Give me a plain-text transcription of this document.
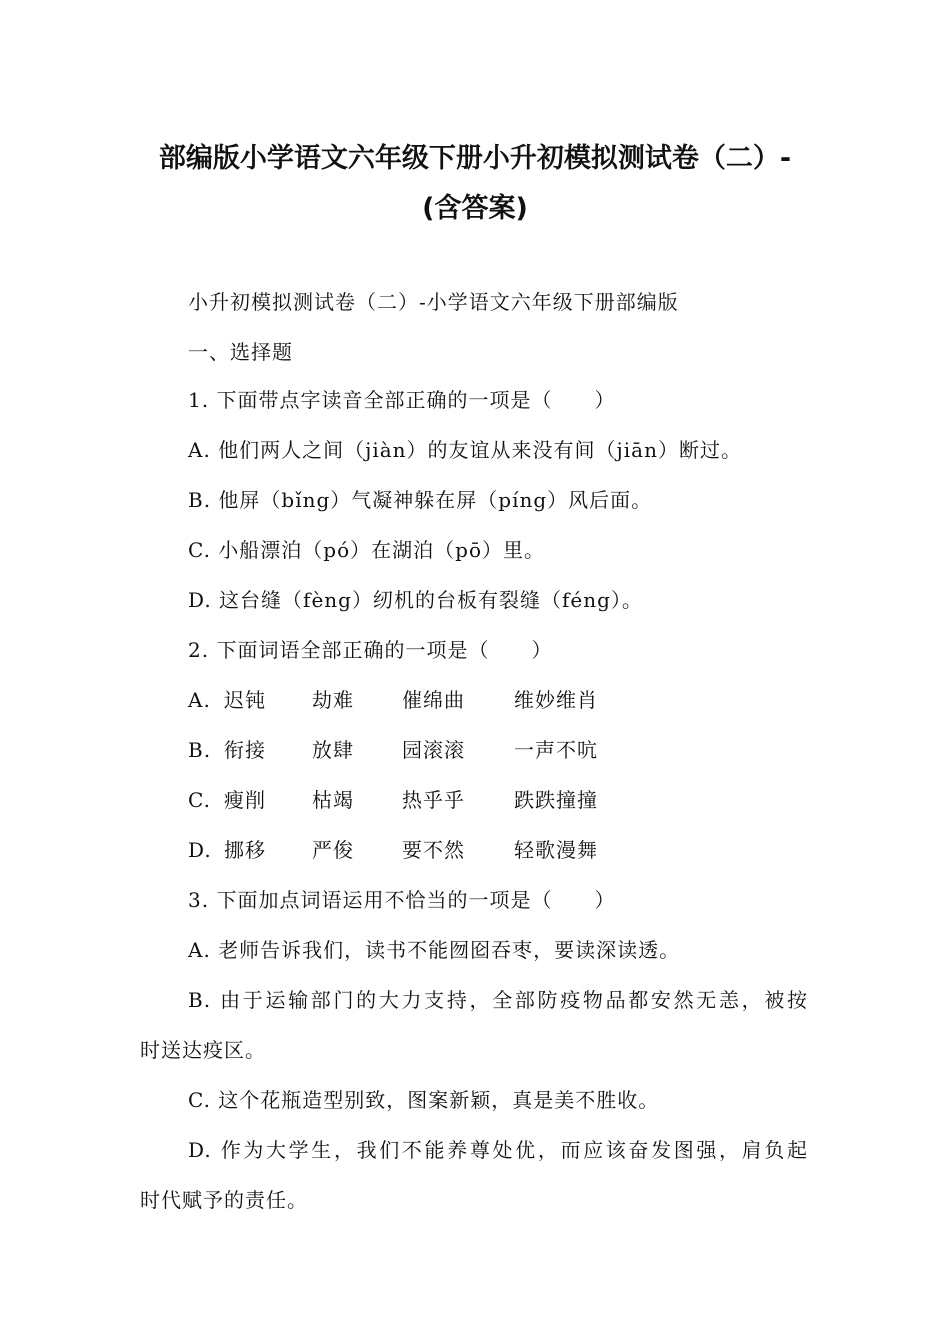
部编版小学语文六年级下册小升初模拟测试卷（二）-
(含答案)
小升初模拟测试卷（二）-小学语文六年级下册部编版
一、选择题
1. 下面带点字读音全部正确的一项是（　　）
A. 他们两人之间（jiàn）的友谊从来没有间（jiān）断过。
B. 他屏（bǐng）气凝神躲在屏（píng）风后面。
C. 小船漂泊（pó）在湖泊（pō）里。
D. 这台缝（fèng）纫机的台板有裂缝（féng）。
2. 下面词语全部正确的一项是（　　）
A. 迟钝 劫难 催绵曲 维妙维肖
B. 衔接 放肆 园滚滚 一声不吭
C. 瘦削 枯竭 热乎乎 跌跌撞撞
D. 挪移 严俊 要不然 轻歌漫舞
3. 下面加点词语运用不恰当的一项是（　　）
A. 老师告诉我们，读书不能囫囵吞枣，要读深读透。
B. 由于运输部门的大力支持，全部防疫物品都安然无恙，被按
时送达疫区。
C. 这个花瓶造型别致，图案新颖，真是美不胜收。
D. 作为大学生，我们不能养尊处优，而应该奋发图强，肩负起
时代赋予的责任。
